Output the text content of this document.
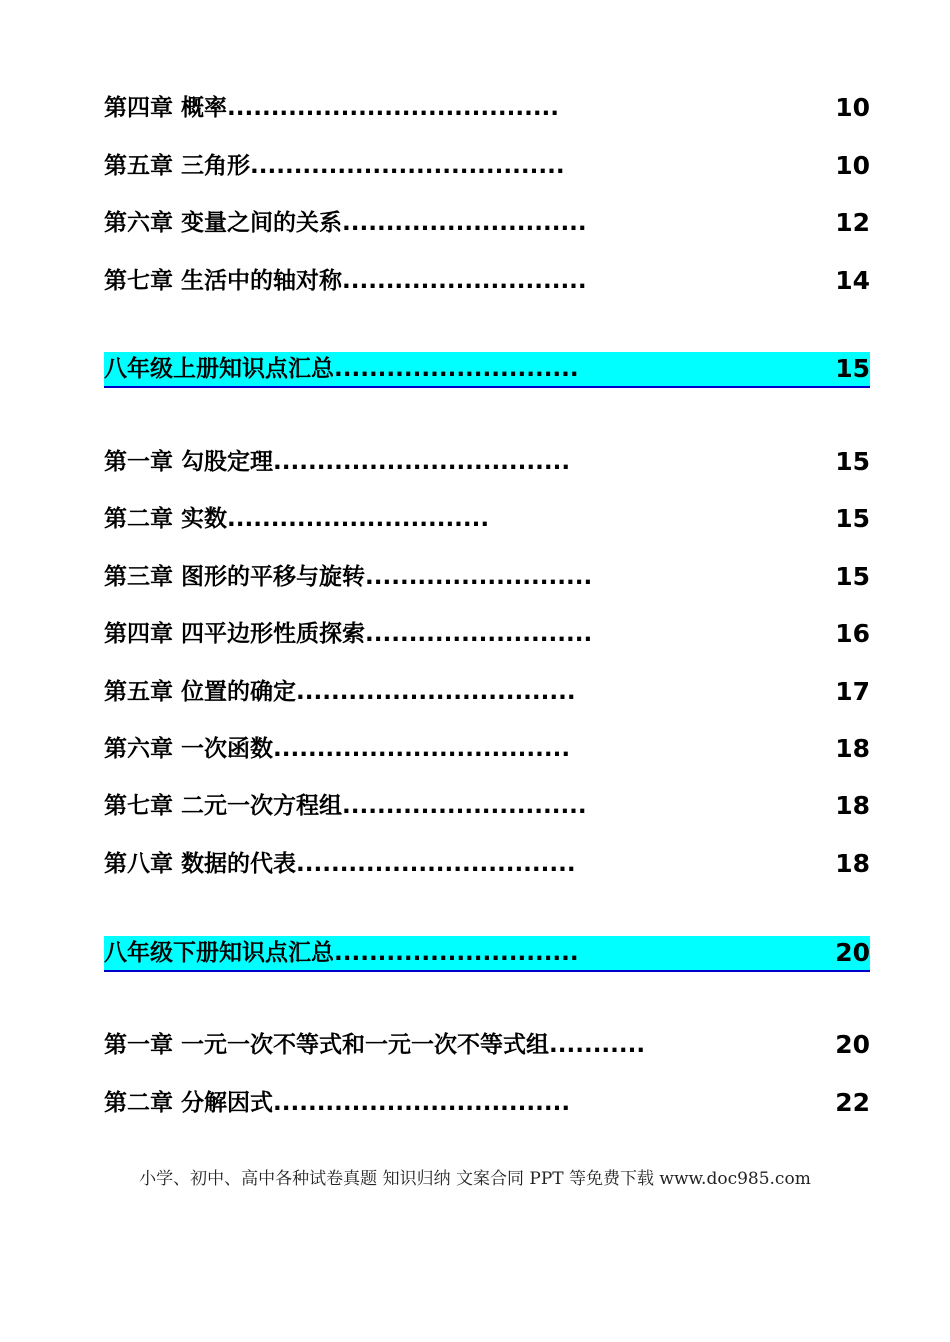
第四章 概率......................................	10
第五章 三角形....................................	10
第六章 变量之间的关系............................	12
第七章 生活中的轴对称............................	14
八年级上册知识点汇总............................	15
第一章 勾股定理..................................	15
第二章 实数..............................	15
第三章 图形的平移与旋转..........................	15
第四章 四平边形性质探索..........................	16
第五章 位置的确定................................	17
第六章 一次函数..................................	18
第七章 二元一次方程组............................	18
第八章 数据的代表................................	18
八年级下册知识点汇总............................	20
第一章 一元一次不等式和一元一次不等式组...........	20
第二章 分解因式..................................	22
小学、初中、高中各种试卷真题 知识归纳 文案合同 PPT 等免费下载 www.doc985.com
